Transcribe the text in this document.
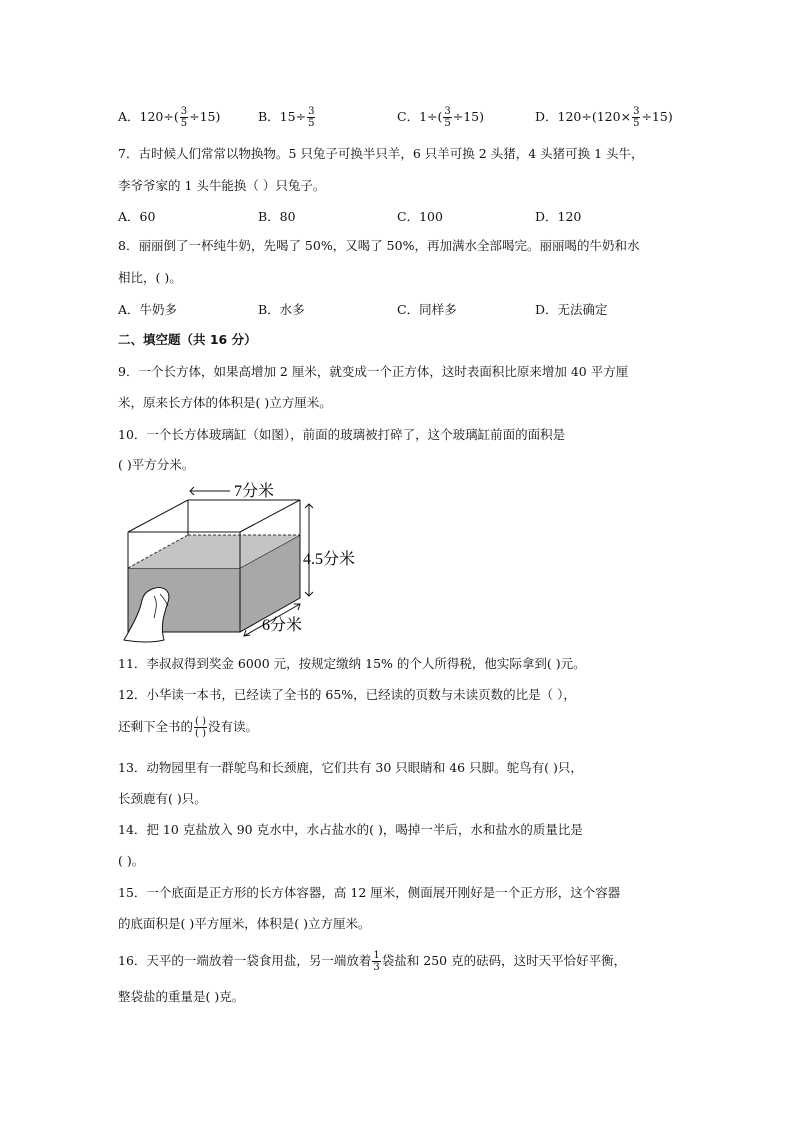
A．$120\div( \frac{3}{5} \div 15)$	B．$15\div \frac{3}{5}$	C．$1\div( \frac{3}{5} \div 15)$	D．$120\div(120\times \frac{3}{5} \div 15)$
7．古时候人们常常以物换物。5 只兔子可换半只羊，6 只羊可换 2 头猪，4 头猪可换 1 头牛，
李爷爷家的 1 头牛能换（ ）只兔子。
A．60	B．80	C．100	D．120
8．丽丽倒了一杯纯牛奶，先喝了 50%，又喝了 50%，再加满水全部喝完。丽丽喝的牛奶和水
相比，( )。
A．牛奶多	B．水多	C．同样多	D．无法确定
二、填空题（共 16 分）
9．一个长方体，如果高增加 2 厘米，就变成一个正方体，这时表面积比原来增加 40 平方厘
米，原来长方体的体积是( )立方厘米。
10．一个长方体玻璃缸（如图），前面的玻璃被打碎了，这个玻璃缸前面的面积是
( )平方分米。
7分米
4.5分米
6分米
11．李叔叔得到奖金 6000 元，按规定缴纳 15% 的个人所得税，他实际拿到( )元。
12．小华读一本书，已经读了全书的 65%，已经读的页数与未读页数的比是（ ），
还剩下全书的 $\frac{( )}{( )}$ 没有读。
13．动物园里有一群鸵鸟和长颈鹿，它们共有 30 只眼睛和 46 只脚。鸵鸟有( )只，
长颈鹿有( )只。
14．把 10 克盐放入 90 克水中，水占盐水的( )，喝掉一半后，水和盐水的质量比是
( )。
15．一个底面是正方形的长方体容器，高 12 厘米，侧面展开刚好是一个正方形，这个容器
的底面积是( )平方厘米，体积是( )立方厘米。
16．天平的一端放着一袋食用盐，另一端放着 $\frac{1}{3}$ 袋盐和 250 克的砝码，这时天平恰好平衡，
整袋盐的重量是( )克。
